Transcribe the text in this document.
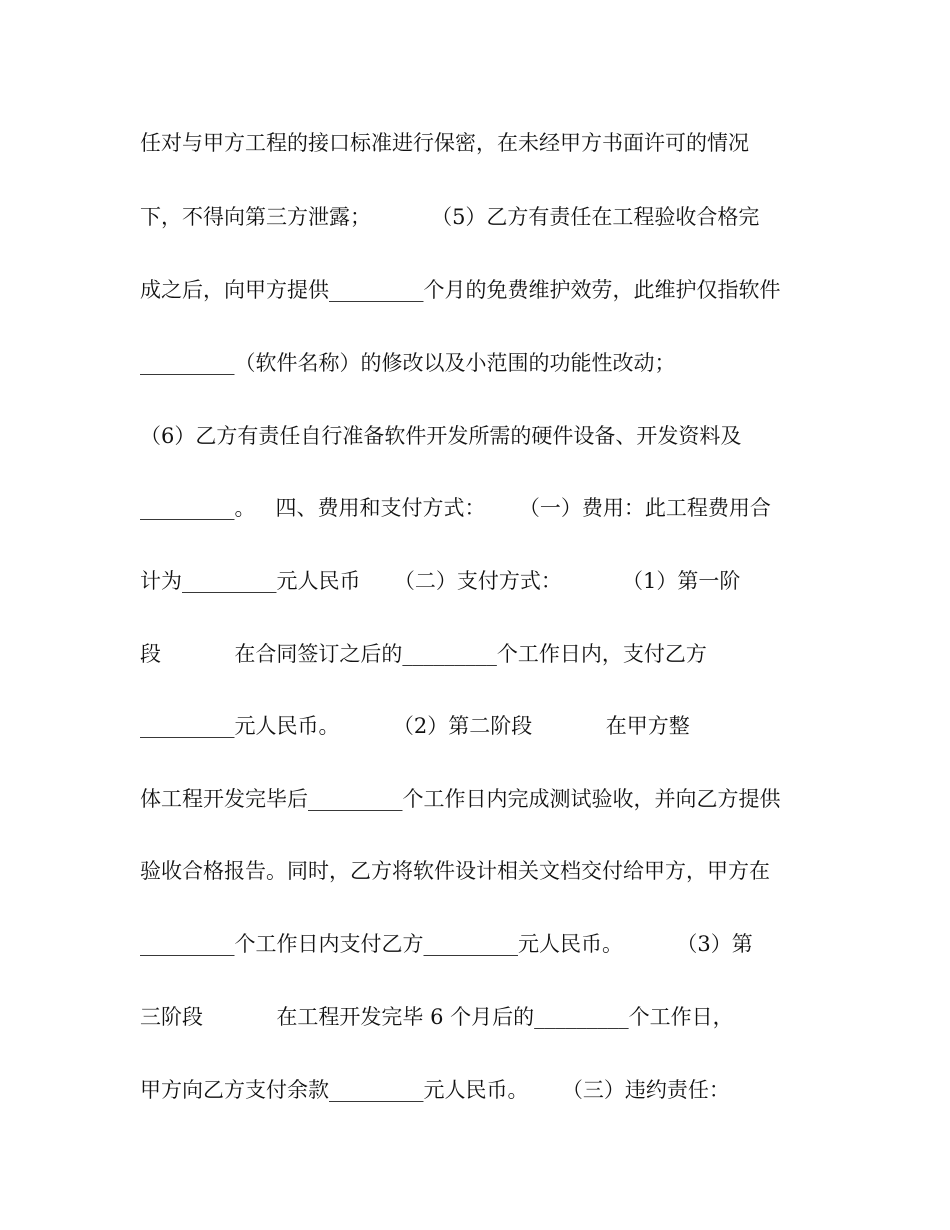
任对与甲方工程的接口标准进行保密，在未经甲方书面许可的情况
下，不得向第三方泄露；         （5）乙方有责任在工程验收合格完
成之后，向甲方提供_________个月的免费维护效劳，此维护仅指软件
_________（软件名称）的修改以及小范围的功能性改动；
（6）乙方有责任自行准备软件开发所需的硬件设备、开发资料及
_________。   四、费用和支付方式：     （一）费用：此工程费用合
计为_________元人民币     （二）支付方式：         （1）第一阶
段           在合同签订之后的_________个工作日内，支付乙方
_________元人民币。        （2）第二阶段           在甲方整
体工程开发完毕后_________个工作日内完成测试验收，并向乙方提供
验收合格报告。同时，乙方将软件设计相关文档交付给甲方，甲方在
_________个工作日内支付乙方_________元人民币。        （3）第
三阶段           在工程开发完毕 6 个月后的_________个工作日，
甲方向乙方支付余款_________元人民币。     （三）违约责任：
